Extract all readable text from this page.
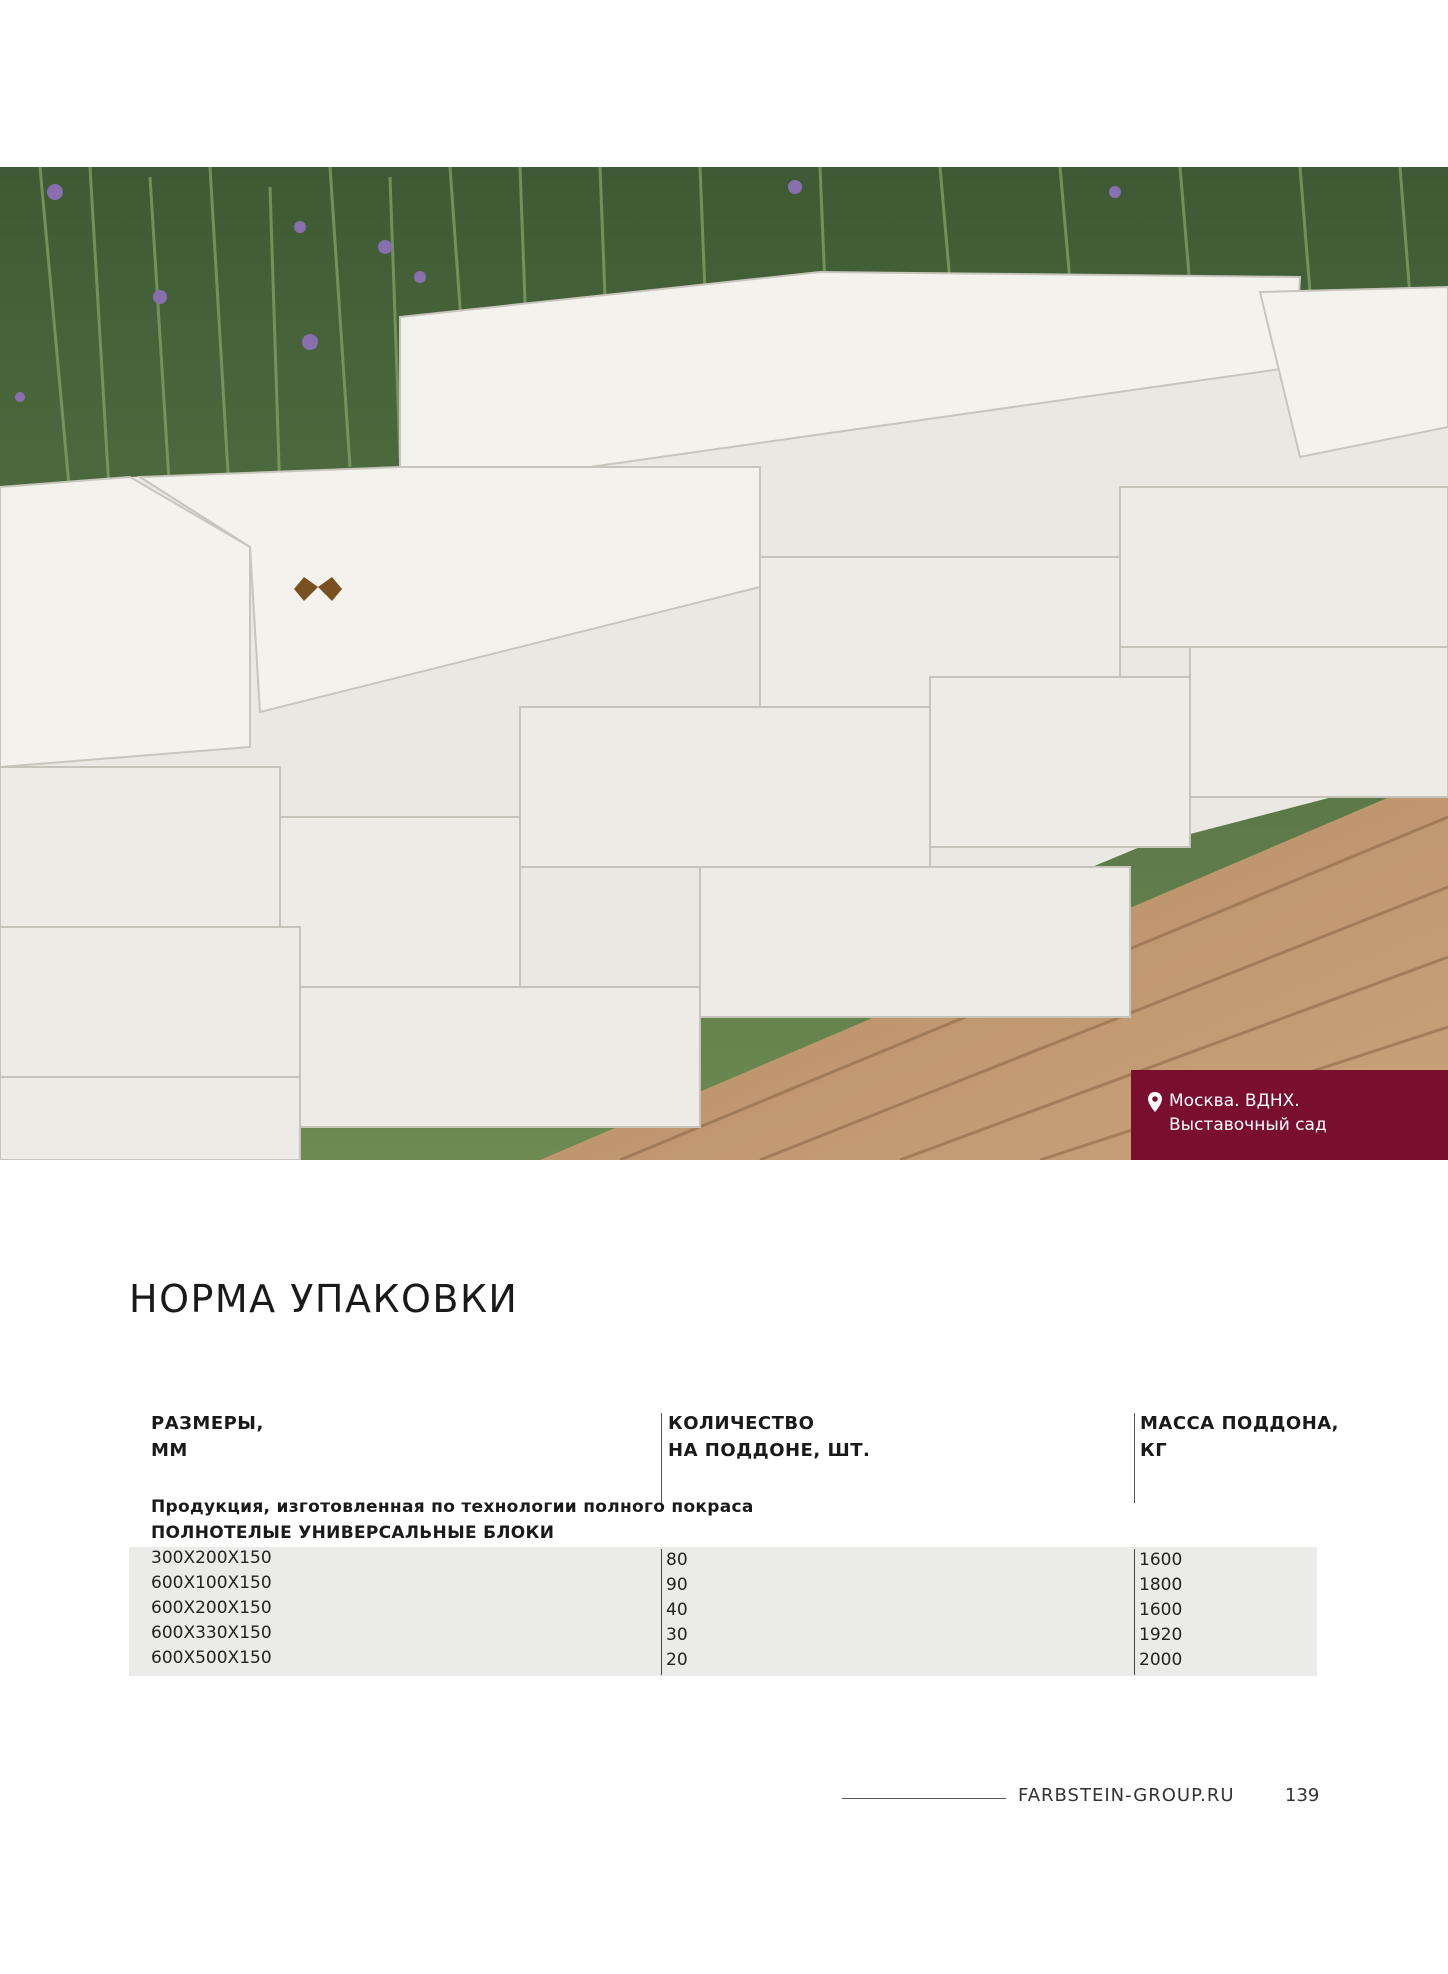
Москва. ВДНХ.
Выставочный сад
НОРМА УПАКОВКИ
РАЗМЕРЫ,
ММ
КОЛИЧЕСТВО
НА ПОДДОНЕ, ШТ.
МАССА ПОДДОНА,
КГ
Продукция, изготовленная по технологии полного покраса
ПОЛНОТЕЛЫЕ УНИВЕРСАЛЬНЫЕ БЛОКИ
300Х200Х150
600Х100Х150
600Х200Х150
600Х330Х150
600Х500Х150
80
90
40
30
20
1600
1800
1600
1920
2000
FARBSTEIN-GROUP.RU	139
